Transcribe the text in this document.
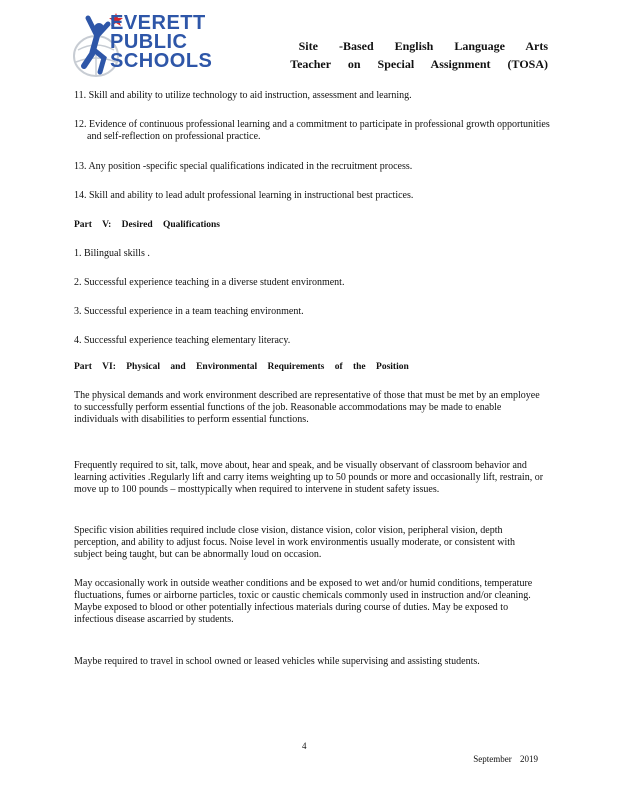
EVERETT
PUBLIC
SCHOOLS
Site -Based English Language Arts
Teacher on Special Assignment (TOSA)
11. Skill and ability to utilize technology to aid instruction, assessment and learning.
12. Evidence of continuous professional learning and a commitment to participate in professional growth opportunities and self-reflection on professional practice.
13. Any position -specific special qualifications indicated in the recruitment process.
14. Skill and ability to lead adult professional learning in instructional best practices.
Part V: Desired Qualifications
1. Bilingual skills .
2. Successful experience teaching in a diverse student environment.
3. Successful experience in a team teaching environment.
4. Successful experience teaching elementary literacy.
Part VI: Physical and Environmental Requirements of the Position
The physical demands and work environment described are representative of those that must be met by an employee to successfully perform essential functions of the job. Reasonable accommodations may be made to enable individuals with disabilities to perform essential functions.
Frequently required to sit, talk, move about, hear and speak, and be visually observant of classroom behavior and learning activities .Regularly lift and carry items weighting up to 50 pounds or more and occasionally lift, restrain, or move up to 100 pounds – mosttypically when required to intervene in student safety issues.
Specific vision abilities required include close vision, distance vision, color vision, peripheral vision, depth perception, and ability to adjust focus. Noise level in work environmentis usually moderate, or consistent with subject being taught, but can be abnormally loud on occasion.
May occasionally work in outside weather conditions and be exposed to wet and/or humid conditions, temperature fluctuations, fumes or airborne particles, toxic or caustic chemicals commonly used in instruction and/or cleaning. Maybe exposed to blood or other potentially infectious materials during course of duties. May be exposed to infectious disease ascarried by students.
Maybe required to travel in school owned or leased vehicles while supervising and assisting students.
4
September 2019
